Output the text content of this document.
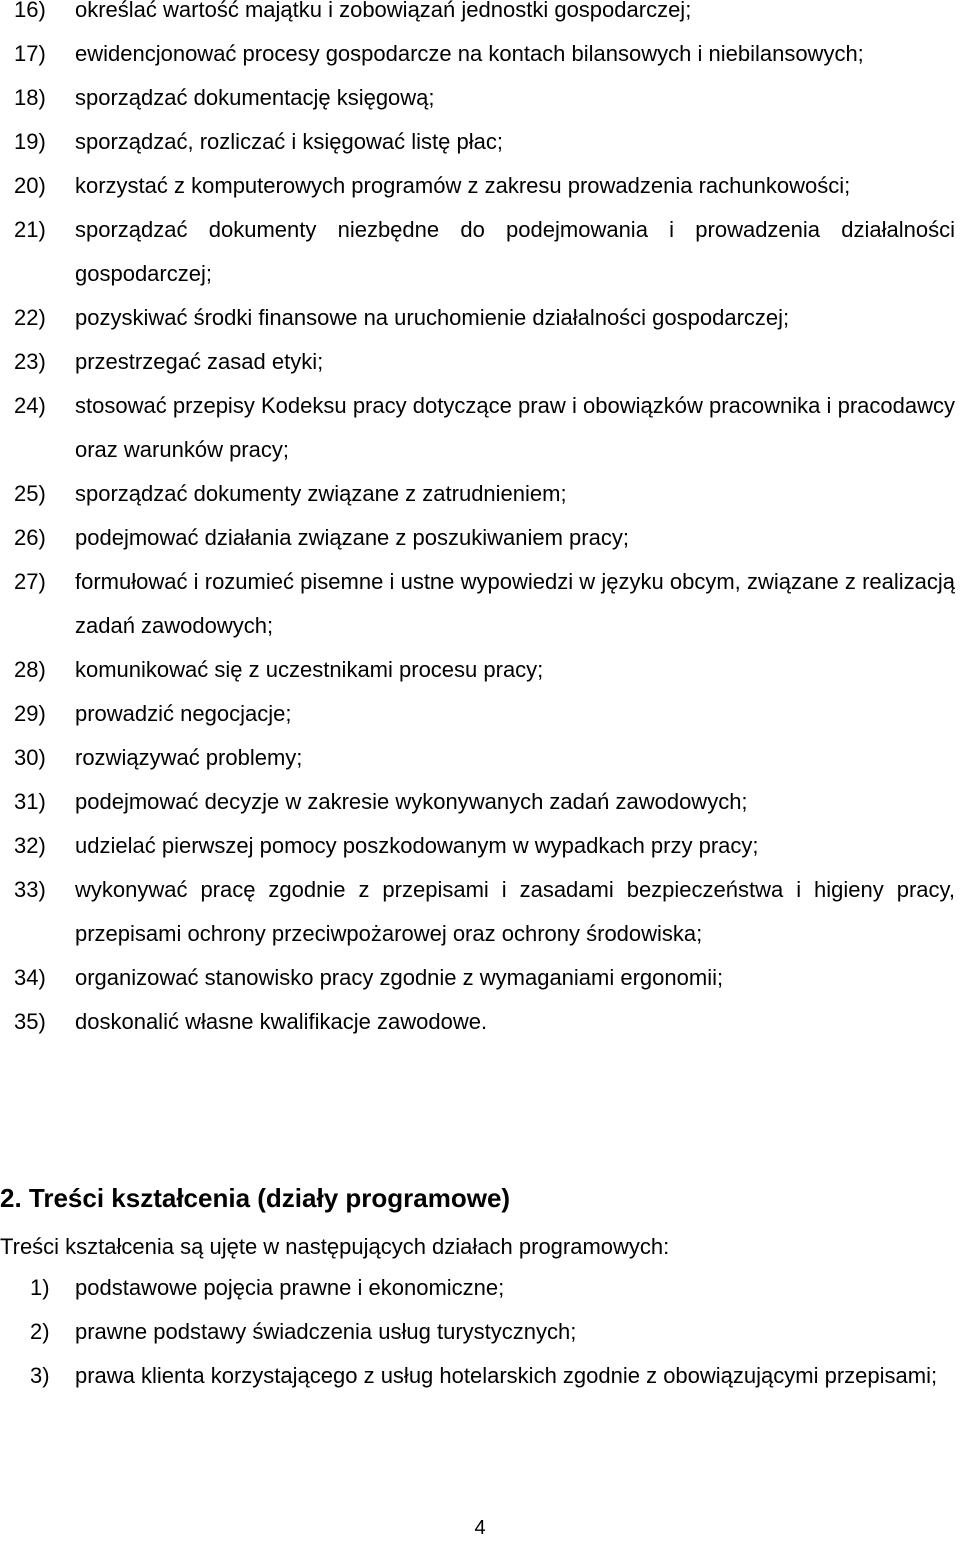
16)	określać wartość majątku i zobowiązań jednostki gospodarczej;
17)	ewidencjonować procesy gospodarcze na kontach bilansowych i niebilansowych;
18)	sporządzać dokumentację księgową;
19)	sporządzać, rozliczać i księgować listę płac;
20)	korzystać z komputerowych programów z zakresu prowadzenia rachunkowości;
21)	sporządzać dokumenty niezbędne do podejmowania i prowadzenia działalności gospodarczej;
22)	pozyskiwać środki finansowe na uruchomienie działalności gospodarczej;
23)	przestrzegać zasad etyki;
24)	stosować przepisy Kodeksu pracy dotyczące praw i obowiązków pracownika i pracodawcy oraz warunków pracy;
25)	sporządzać dokumenty związane z zatrudnieniem;
26)	podejmować działania związane z poszukiwaniem pracy;
27)	formułować i rozumieć pisemne i ustne wypowiedzi w języku obcym, związane z realizacją zadań zawodowych;
28)	komunikować się z uczestnikami procesu pracy;
29)	prowadzić negocjacje;
30)	rozwiązywać problemy;
31)	podejmować decyzje w zakresie wykonywanych zadań zawodowych;
32)	udzielać pierwszej pomocy poszkodowanym w wypadkach przy pracy;
33)	wykonywać pracę zgodnie z przepisami i zasadami bezpieczeństwa i higieny pracy, przepisami ochrony przeciwpożarowej oraz ochrony środowiska;
34)	organizować stanowisko pracy zgodnie z wymaganiami ergonomii;
35)	doskonalić własne kwalifikacje zawodowe.
2. Treści kształcenia (działy programowe)

Treści kształcenia są ujęte w następujących działach programowych:

1)	podstawowe pojęcia prawne i ekonomiczne;
2)	prawne podstawy świadczenia usług turystycznych;
3)	prawa klienta korzystającego z usług hotelarskich zgodnie z obowiązującymi przepisami;
4
